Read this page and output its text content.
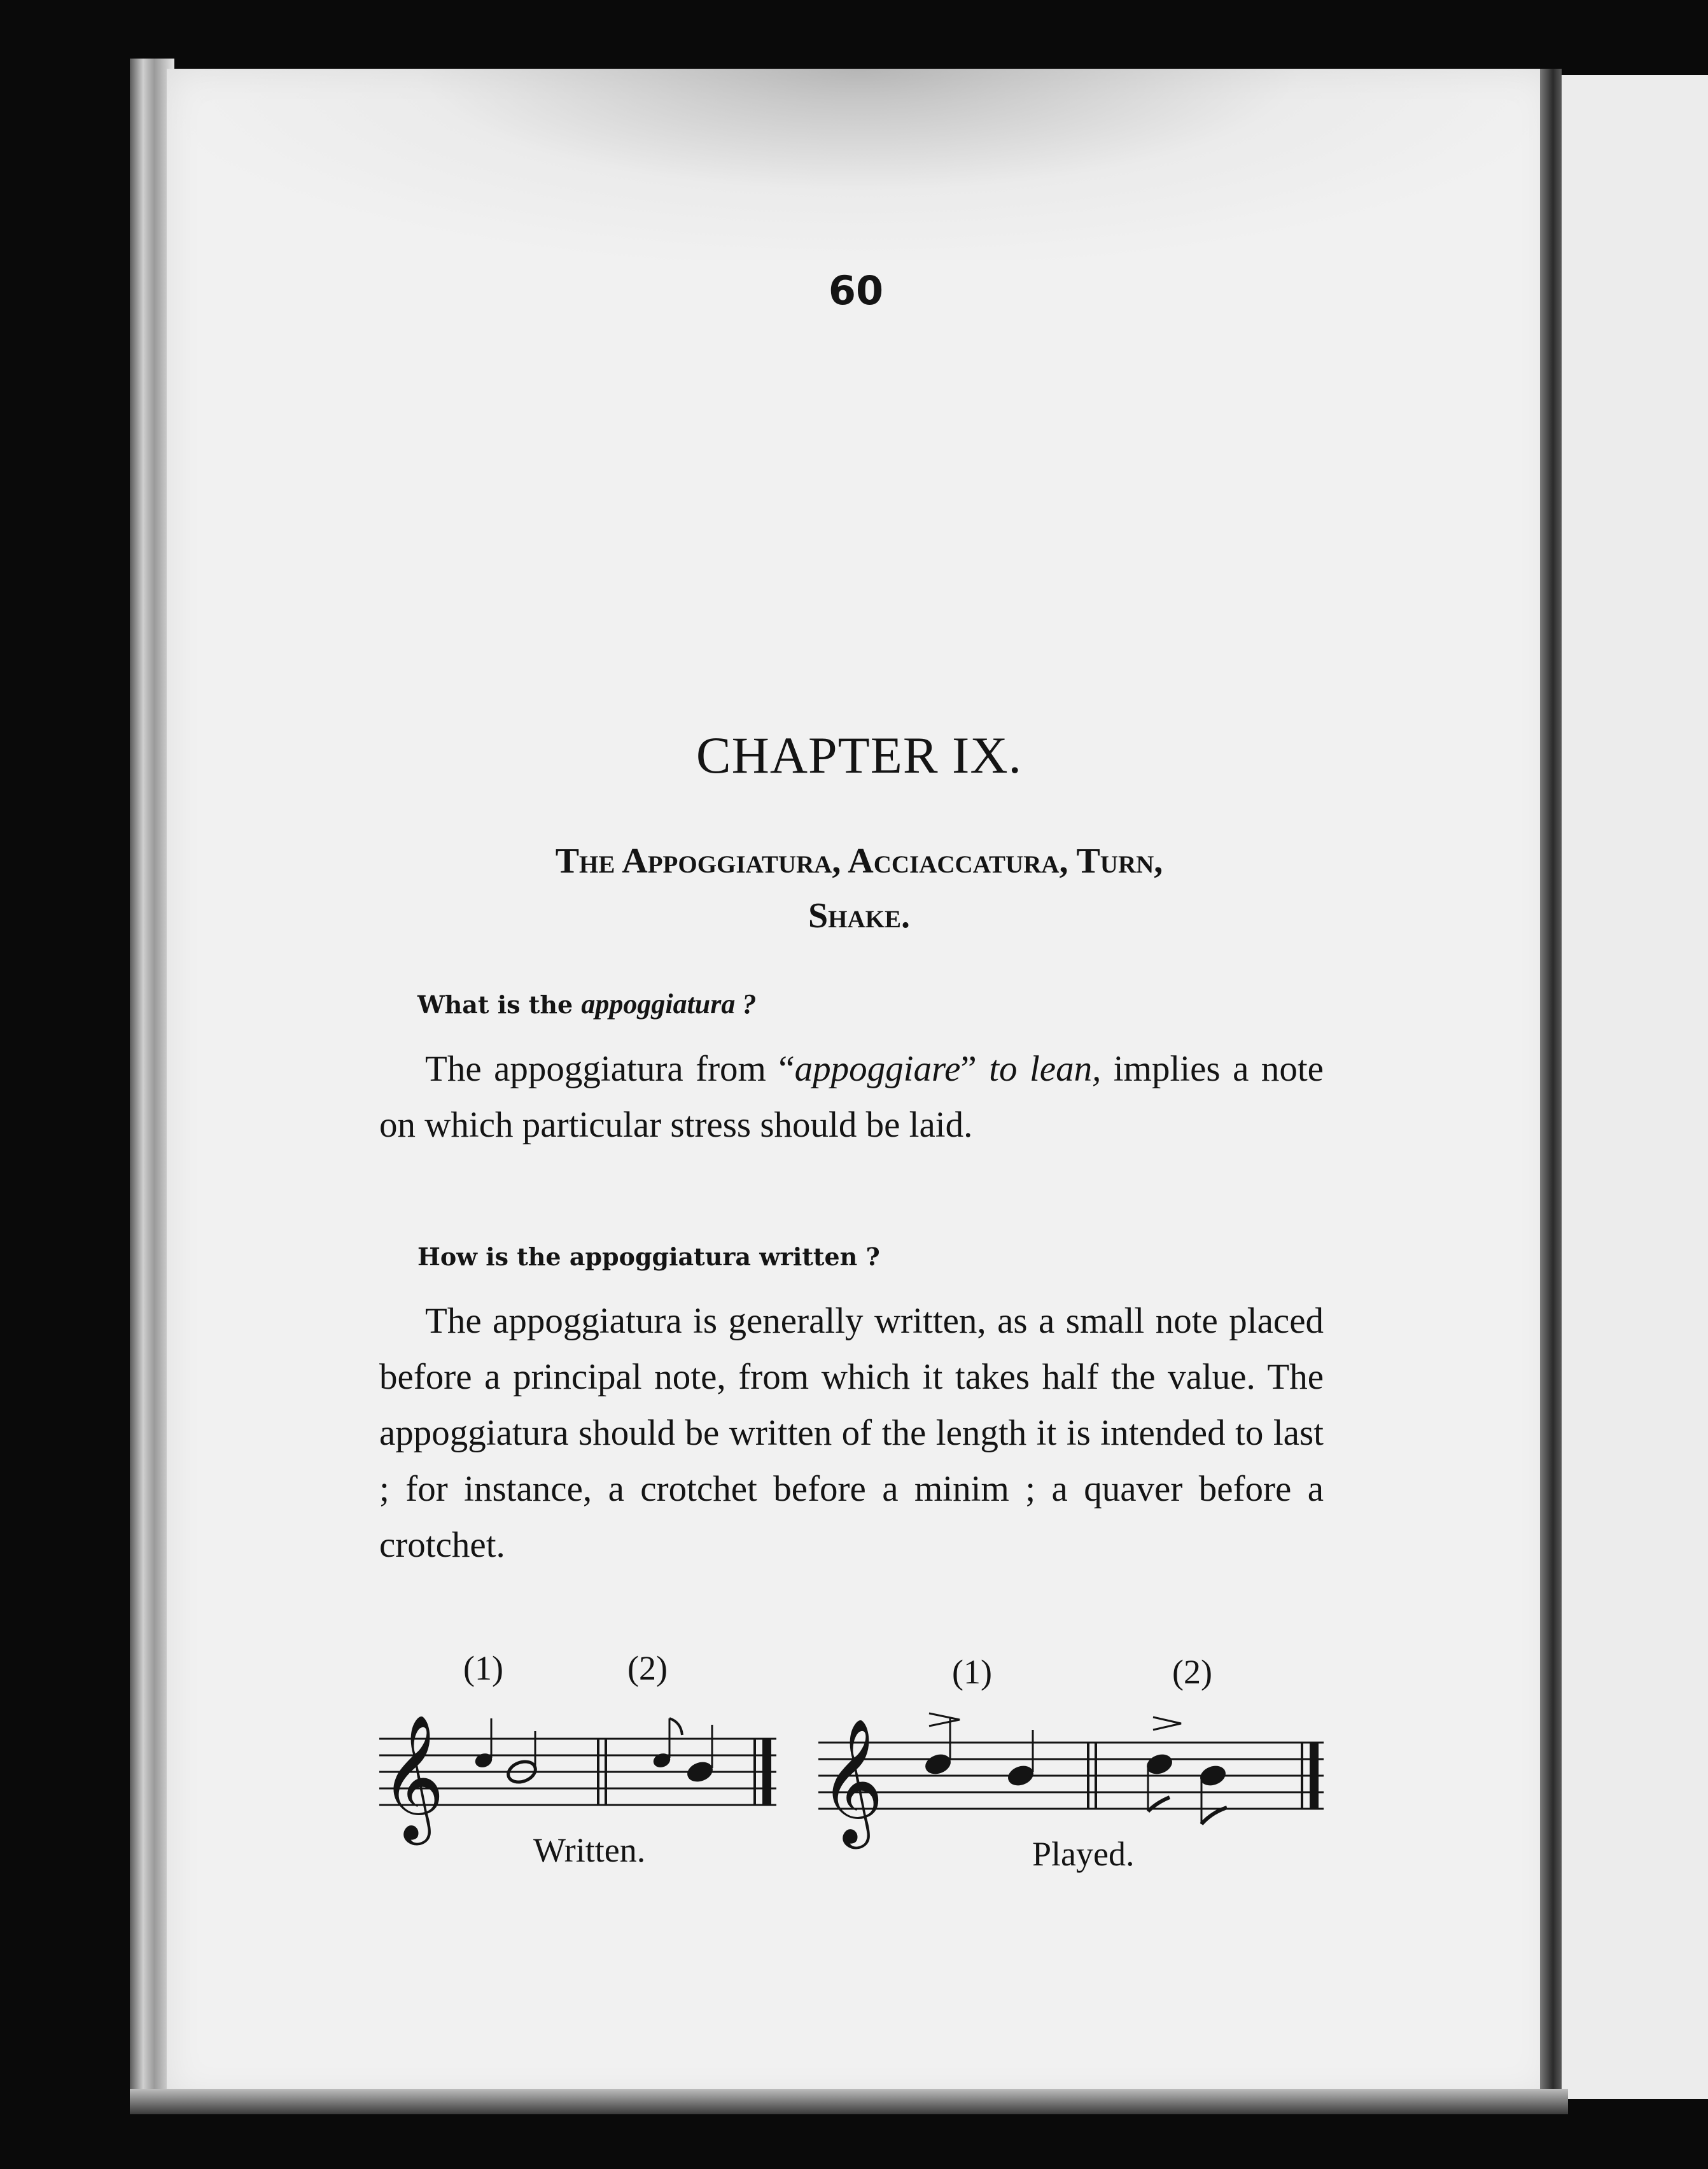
60

CHAPTER IX.

The Appoggiatura, Acciaccatura, Turn,
Shake.

What is the appoggiatura ?

The appoggiatura from “appoggiare” to lean, implies a note on which particular stress should be laid.

How is the appoggiatura written ?

The appoggiatura is generally written, as a small note placed before a principal note, from which it takes half the value. The appoggiatura should be written of the length it is intended to last ; for instance, a crotchet before a minim ; a quaver before a crotchet.

𝄞	𝄞
(1)	(2)	(1)	(2)
Written.	Played.
